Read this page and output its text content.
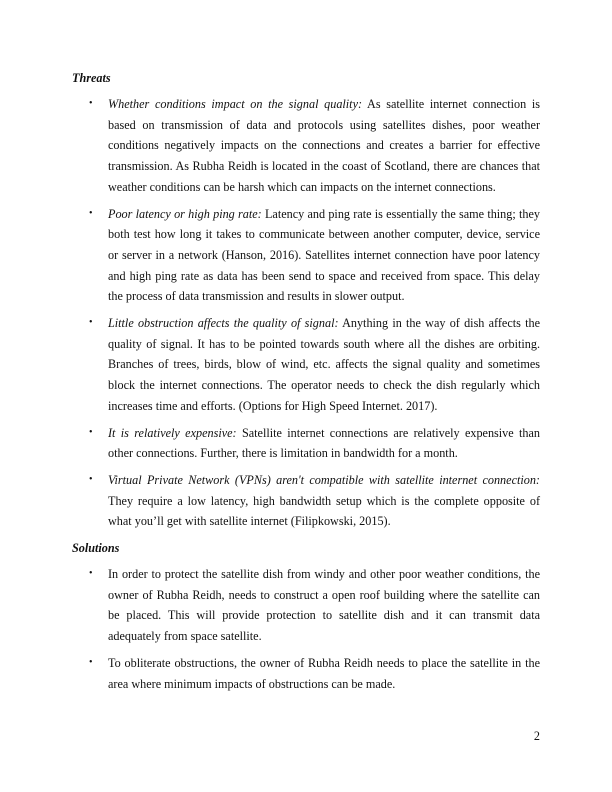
Threats
• Whether conditions impact on the signal quality: As satellite internet connection is based on transmission of data and protocols using satellites dishes, poor weather conditions negatively impacts on the connections and creates a barrier for effective transmission. As Rubha Reidh is located in the coast of Scotland, there are chances that weather conditions can be harsh which can impacts on the internet connections.
• Poor latency or high ping rate: Latency and ping rate is essentially the same thing; they both test how long it takes to communicate between another computer, device, service or server in a network (Hanson, 2016). Satellites internet connection have poor latency and high ping rate as data has been send to space and received from space. This delay the process of data transmission and results in slower output.
• Little obstruction affects the quality of signal: Anything in the way of dish affects the quality of signal. It has to be pointed towards south where all the dishes are orbiting. Branches of trees, birds, blow of wind, etc. affects the signal quality and sometimes block the internet connections. The operator needs to check the dish regularly which increases time and efforts. (Options for High Speed Internet. 2017).
• It is relatively expensive: Satellite internet connections are relatively expensive than other connections. Further, there is limitation in bandwidth for a month.
• Virtual Private Network (VPNs) aren't compatible with satellite internet connection: They require a low latency, high bandwidth setup which is the complete opposite of what you’ll get with satellite internet (Filipkowski, 2015).
Solutions
• In order to protect the satellite dish from windy and other poor weather conditions, the owner of Rubha Reidh, needs to construct a open roof building where the satellite can be placed. This will provide protection to satellite dish and it can transmit data adequately from space satellite.
• To obliterate obstructions, the owner of Rubha Reidh needs to place the satellite in the area where minimum impacts of obstructions can be made.
2
